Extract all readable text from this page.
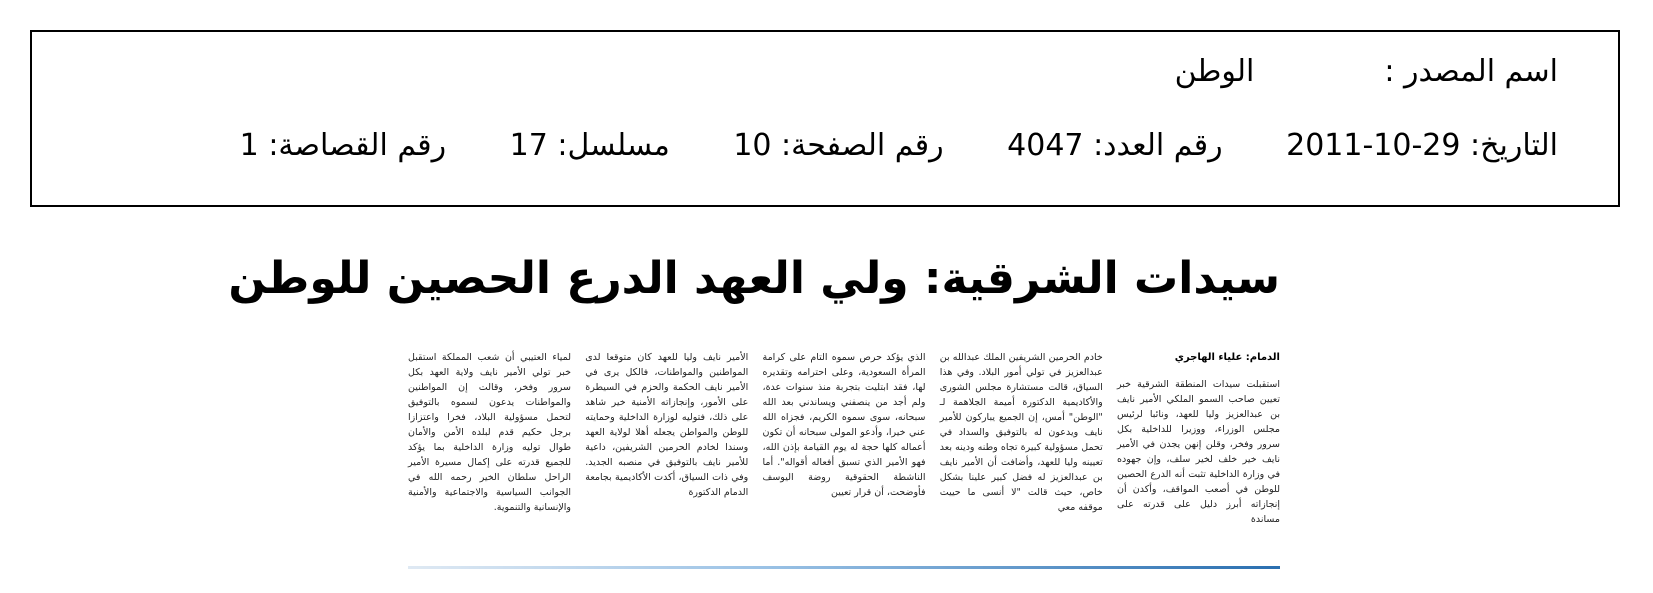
اسم المصدر :الوطن
التاريخ: 2011-10-29 رقم العدد: 4047 رقم الصفحة: 10 مسلسل: 17 رقم القصاصة: 1
سيدات الشرقية: ولي العهد الدرع الحصين للوطن

الدمام: علياء الهاجري

استقبلت سيدات المنطقة الشرقية خبر تعيين صاحب السمو الملكي الأمير نايف بن عبدالعزيز وليا للعهد، ونائبا لرئيس مجلس الوزراء، ووزيرا للداخلية بكل سرور وفخر، وقلن إنهن يجدن في الأمير نايف خير خلف لخير سلف، وإن جهوده في وزارة الداخلية تثبت أنه الدرع الحصين للوطن في أصعب المواقف، وأكدن أن إنجازاته أبرز دليل على قدرته على مساندة

خادم الحرمين الشريفين الملك عبدالله بن عبدالعزيز في تولي أمور البلاد. وفي هذا السياق، قالت مستشارة مجلس الشورى والأكاديمية الدكتورة أميمة الجلاهمة لـ "الوطن" أمس، إن الجميع يباركون للأمير نايف ويدعون له بالتوفيق والسداد في تحمل مسؤولية كبيرة تجاه وطنه ودينه بعد تعيينه وليا للعهد، وأضافت أن الأمير نايف بن عبدالعزيز له فضل كبير علينا بشكل خاص، حيث قالت "لا أنسى ما حييت موقفه معي

الذي يؤكد حرص سموه التام على كرامة المرأة السعودية، وعلى احترامه وتقديره لها، فقد ابتليت بتجربة منذ سنوات عدة، ولم أجد من ينصفني ويساندني بعد الله سبحانه، سوى سموه الكريم، فجزاه الله عني خيرا، وأدعو المولى سبحانه أن تكون أعماله كلها حجة له يوم القيامة بإذن الله، فهو الأمير الذي تسبق أفعاله أقواله". أما الناشطة الحقوقية روضة اليوسف فأوضحت، أن قرار تعيين

الأمير نايف وليا للعهد كان متوقعا لدى المواطنين والمواطنات، فالكل يرى في الأمير نايف الحكمة والحزم في السيطرة على الأمور، وإنجازاته الأمنية خير شاهد على ذلك، فتوليه لوزارة الداخلية وحمايته للوطن والمواطن يجعله أهلا لولاية العهد وسندا لخادم الحرمين الشريفين، داعية للأمير نايف بالتوفيق في منصبه الجديد. وفي ذات السياق، أكدت الأكاديمية بجامعة الدمام الدكتورة

لمياء العتيبي أن شعب المملكة استقبل خبر تولي الأمير نايف ولاية العهد بكل سرور وفخر، وقالت إن المواطنين والمواطنات يدعون لسموه بالتوفيق لتحمل مسؤولية البلاد، فخرا واعتزازا برجل حكيم قدم لبلده الأمن والأمان طوال توليه وزارة الداخلية بما يؤكد للجميع قدرته على إكمال مسيرة الأمير الراحل سلطان الخير رحمه الله في الجوانب السياسية والاجتماعية والأمنية والإنسانية والتنموية.
